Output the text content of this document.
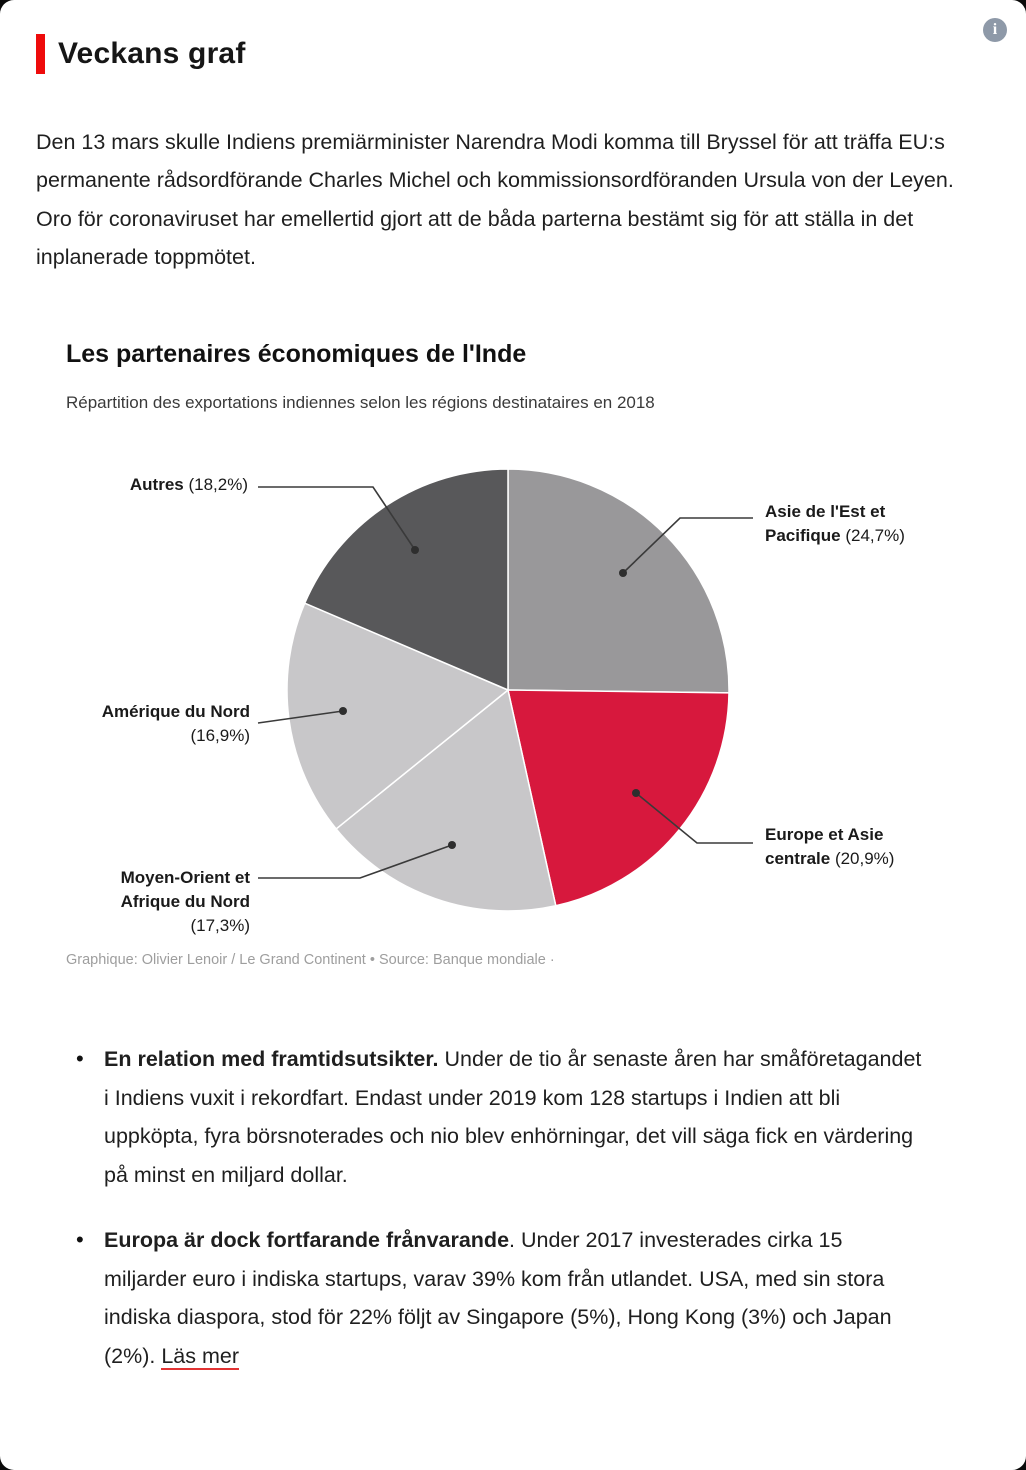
i
Veckans graf

Den 13 mars skulle Indiens premiärminister Narendra Modi komma till Bryssel för att träffa EU:s permanente rådsordförande Charles Michel och kommissionsordföranden Ursula von der Leyen. Oro för coronaviruset har emellertid gjort att de båda parterna bestämt sig för att ställa in det inplanerade toppmötet.

Les partenaires économiques de l'Inde
Répartition des exportations indiennes selon les régions destinataires en 2018
Autres (18,2%)
Asie de l'Est et Pacifique (24,7%)
Amérique du Nord (16,9%)
Moyen-Orient et Afrique du Nord (17,3%)
Europe et Asie centrale (20,9%)
Graphique: Olivier Lenoir / Le Grand Continent • Source: Banque mondiale ·
• En relation med framtidsutsikter. Under de tio år senaste åren har småföretagandet i Indiens vuxit i rekordfart. Endast under 2019 kom 128 startups i Indien att bli uppköpta, fyra börsnoterades och nio blev enhörningar, det vill säga fick en värdering på minst en miljard dollar.
• Europa är dock fortfarande frånvarande. Under 2017 investerades cirka 15 miljarder euro i indiska startups, varav 39% kom från utlandet. USA, med sin stora indiska diaspora, stod för 22% följt av Singapore (5%), Hong Kong (3%) och Japan (2%). Läs mer
